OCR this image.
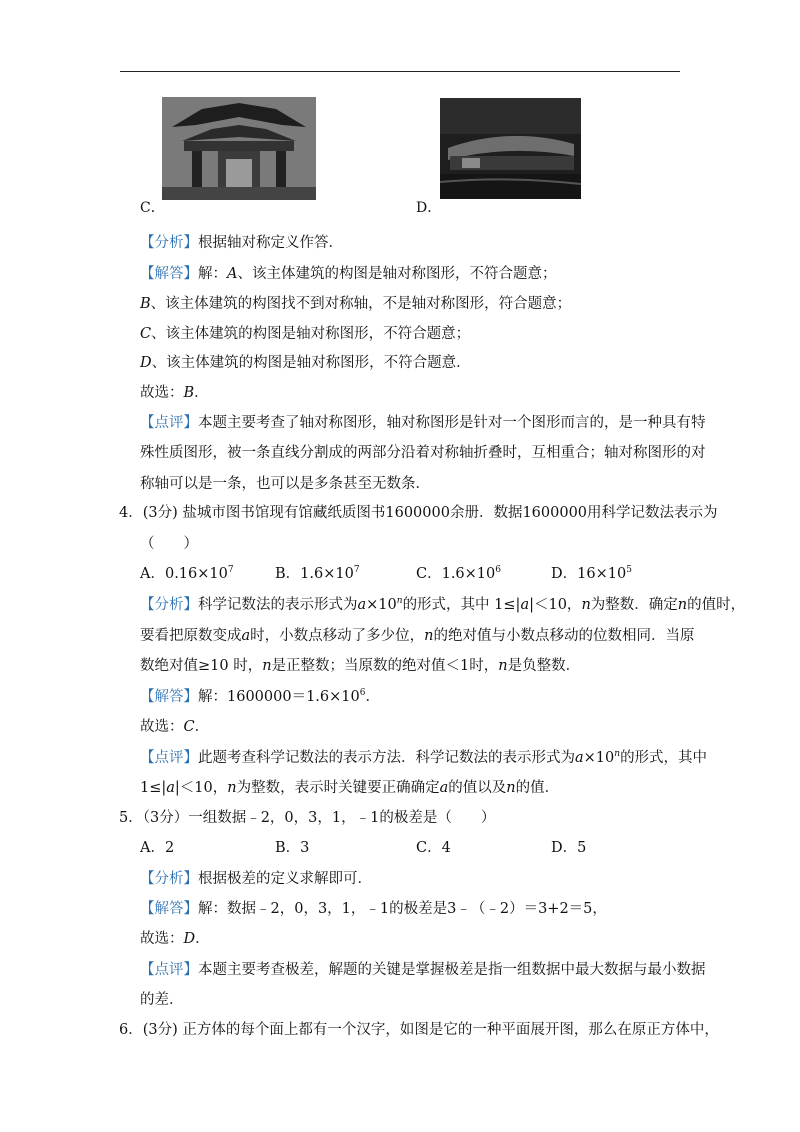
C．	D．
【分析】根据轴对称定义作答．
【解答】解：A、该主体建筑的构图是轴对称图形，不符合题意；
B、该主体建筑的构图找不到对称轴，不是轴对称图形，符合题意；
C、该主体建筑的构图是轴对称图形，不符合题意；
D、该主体建筑的构图是轴对称图形，不符合题意．
故选：B．
【点评】本题主要考查了轴对称图形，轴对称图形是针对一个图形而言的，是一种具有特
殊性质图形，被一条直线分割成的两部分沿着对称轴折叠时，互相重合；轴对称图形的对
称轴可以是一条，也可以是多条甚至无数条．
4．(3分) 盐城市图书馆现有馆藏纸质图书1600000余册．数据1600000用科学记数法表示为
（　　）
A．$0.16\times 10^7$	B．$1.6\times 10^7$	C．$1.6\times 10^6$	D．$16\times 10^5$
【分析】科学记数法的表示形式为$a\times 10^n$的形式，其中 1≤|a|＜10，n为整数．确定n的值时，
要看把原数变成a时，小数点移动了多少位，n的绝对值与小数点移动的位数相同．当原
数绝对值≥10 时，n是正整数；当原数的绝对值＜1时，n是负整数．
【解答】解：$1600000=1.6\times 10^6$．
故选：C．
【点评】此题考查科学记数法的表示方法．科学记数法的表示形式为$a\times 10^n$的形式，其中
1≤|a|＜10，n为整数，表示时关键要正确确定a的值以及n的值．
5．（3分）一组数据﹣2，0，3，1，﹣1的极差是（　　）
A．2	B．3	C．4	D．5
【分析】根据极差的定义求解即可．
【解答】解：数据﹣2，0，3，1，﹣1的极差是3﹣（﹣2）＝3+2＝5，
故选：D．
【点评】本题主要考查极差，解题的关键是掌握极差是指一组数据中最大数据与最小数据
的差．
6．(3分) 正方体的每个面上都有一个汉字，如图是它的一种平面展开图，那么在原正方体中，
